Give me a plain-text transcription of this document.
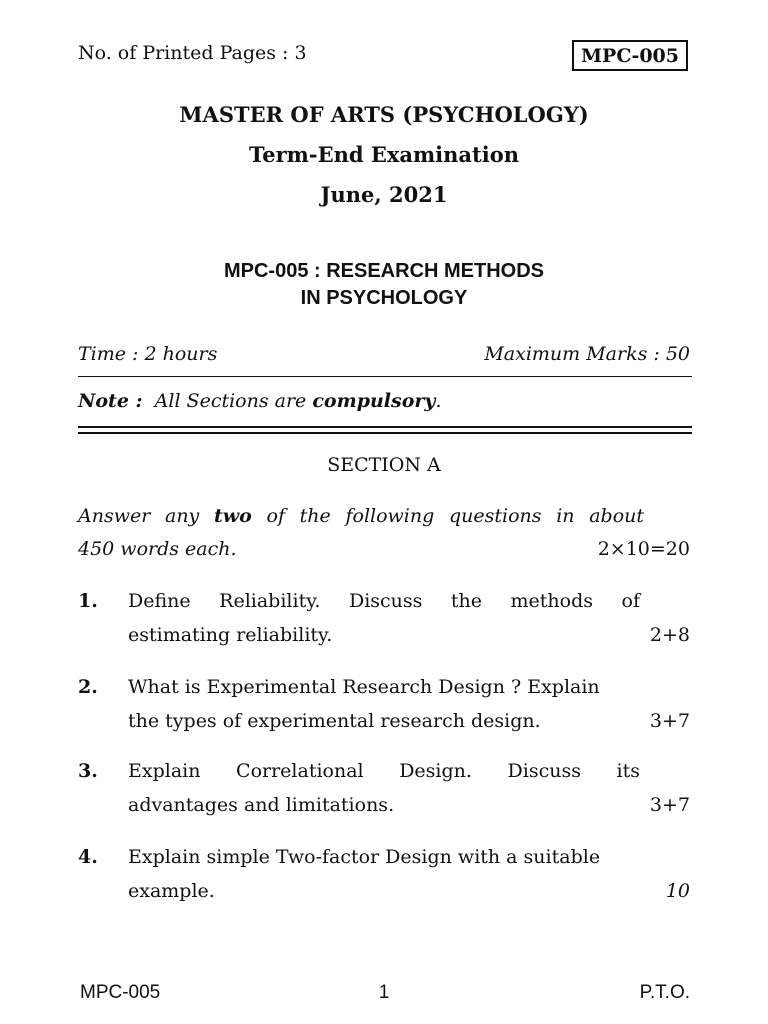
No. of Printed Pages : 3	MPC-005
MASTER OF ARTS (PSYCHOLOGY)
Term-End Examination
June, 2021
MPC-005 : RESEARCH METHODS
IN PSYCHOLOGY
Time : 2 hours	Maximum Marks : 50
Note : All Sections are compulsory.
SECTION A
Answer any two of the following questions in about
450 words each.	2×10=20
1. Define Reliability. Discuss the methods of
estimating reliability.	2+8
2. What is Experimental Research Design ? Explain
the types of experimental research design.	3+7
3. Explain Correlational Design. Discuss its
advantages and limitations.	3+7
4. Explain simple Two-factor Design with a suitable
example.	10
MPC-005	1	P.T.O.
